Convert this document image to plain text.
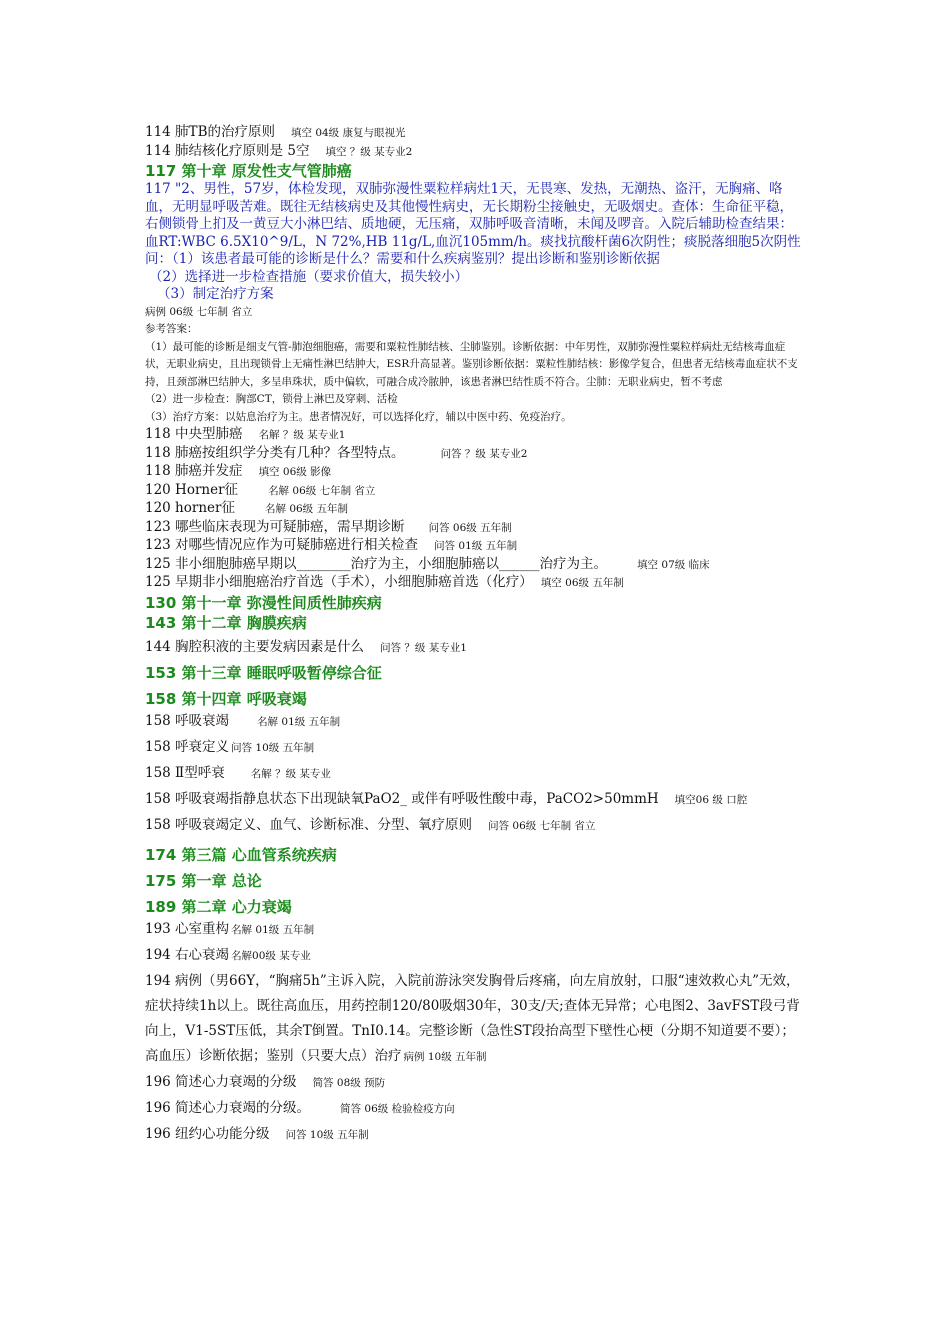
114 肺TB的治疗原则 填空 04级 康复与眼视光
114 肺结核化疗原则是 5空 填空 ？级 某专业2
117 第十章 原发性支气管肺癌
117 "2、男性，57岁，体检发现，双肺弥漫性粟粒样病灶1天，无畏寒、发热，无潮热、盗汗，无胸痛、咯血，无明显呼吸苦难。既往无结核病史及其他慢性病史，无长期粉尘接触史，无吸烟史。查体：生命征平稳，右侧锁骨上扪及一黄豆大小淋巴结、质地硬，无压痛，双肺呼吸音清晰，未闻及啰音。入院后辅助检查结果：血RT:WBC 6.5X10^9/L，N 72%,HB 11g/L,血沉105mm/h。痰找抗酸杆菌6次阴性；痰脱落细胞5次阴性
问：（1）该患者最可能的诊断是什么？需要和什么疾病鉴别？提出诊断和鉴别诊断依据
（2）选择进一步检查措施（要求价值大，损失较小）
（3）制定治疗方案
病例 06级 七年制 省立
参考答案：
（1）最可能的诊断是细支气管-肺泡细胞癌，需要和粟粒性肺结核、尘肺鉴别。诊断依据：中年男性，双肺弥漫性粟粒样病灶无结核毒血症状，无职业病史，且出现锁骨上无痛性淋巴结肿大，ESR升高显著。鉴别诊断依据：粟粒性肺结核：影像学复合，但患者无结核毒血症状不支持，且颈部淋巴结肿大，多呈串珠状，质中偏软，可融合成冷脓肿，该患者淋巴结性质不符合。尘肺：无职业病史，暂不考虑
（2）进一步检查：胸部CT，锁骨上淋巴及穿刺、活检
（3）治疗方案：以姑息治疗为主。患者情况好，可以选择化疗，辅以中医中药、免疫治疗。
118 中央型肺癌 名解 ？级 某专业1
118 肺癌按组织学分类有几种？各型特点。	问答 ？级 某专业2
118 肺癌并发症 填空 06级 影像
120 Horner征	名解 06级 七年制 省立
120 horner征	名解 06级 五年制
123 哪些临床表现为可疑肺癌，需早期诊断 问答 06级 五年制
123 对哪些情况应作为可疑肺癌进行相关检查 问答 01级 五年制
125 非小细胞肺癌早期以________治疗为主，小细胞肺癌以______治疗为主。	填空 07级 临床
125 早期非小细胞癌治疗首选（手术），小细胞肺癌首选（化疗） 填空 06级 五年制
130 第十一章 弥漫性间质性肺疾病
143 第十二章 胸膜疾病
144 胸腔积液的主要发病因素是什么 问答 ？级 某专业1
153 第十三章 睡眠呼吸暂停综合征
158 第十四章 呼吸衰竭
158 呼吸衰竭	名解 01级 五年制
158 呼衰定义 问答 10级 五年制
158 Ⅱ型呼衰 名解 ？级 某专业
158 呼吸衰竭指静息状态下出现缺氧PaO2_ 或伴有呼吸性酸中毒，PaCO2>50mmH 填空06 级 口腔
158 呼吸衰竭定义、血气、诊断标准、分型、氧疗原则 问答 06级 七年制 省立
174 第三篇 心血管系统疾病
175 第一章 总论
189 第二章 心力衰竭
193 心室重构 名解 01级 五年制
194 右心衰竭 名解00级 某专业
194 病例（男66Y，“胸痛5h”主诉入院，入院前游泳突发胸骨后疼痛，向左肩放射，口服“速效救心丸”无效，症状持续1h以上。既往高血压，用药控制120/80吸烟30年，30支/天;查体无异常；心电图2、3avFST段弓背向上，V1-5ST压低，其余T倒置。TnI0.14。完整诊断（急性ST段抬高型下壁性心梗（分期不知道要不要）；高血压）诊断依据；鉴别（只要大点）治疗 病例 10级 五年制
196 简述心力衰竭的分级 简答 08级 预防
196 简述心力衰竭的分级。	简答 06级 检验检疫方向
196 纽约心功能分级 问答 10级 五年制
